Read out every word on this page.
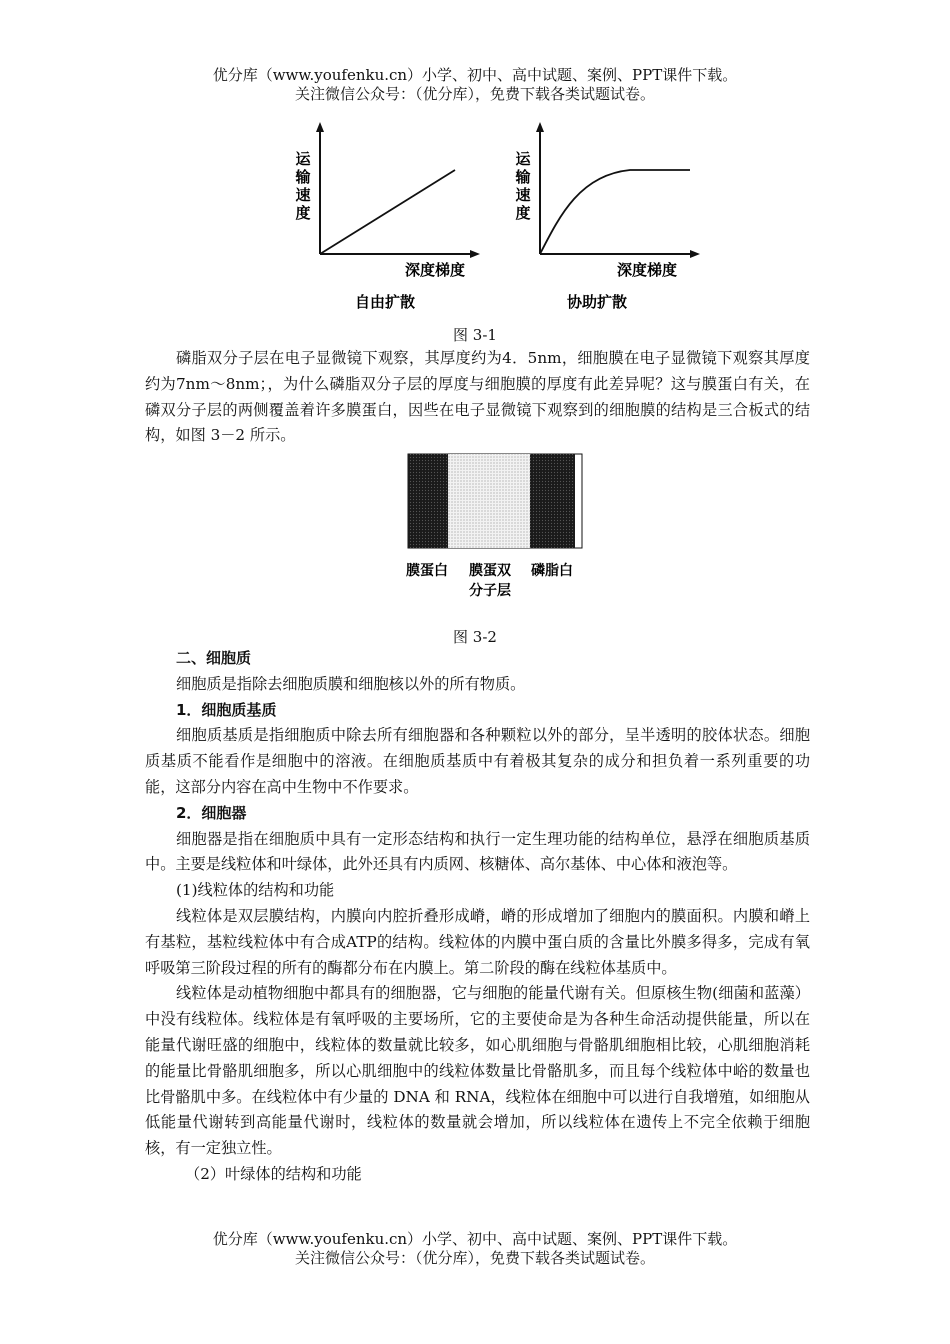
优分库（www.youfenku.cn）小学、初中、高中试题、案例、PPT课件下载。
关注微信公众号：（优分库），免费下载各类试题试卷。
运
输
速
度
深度梯度
自由扩散
运
输
速
度
深度梯度
协助扩散
图 3-1

磷脂双分子层在电子显微镜下观察，其厚度约为4．5nm，细胞膜在电子显微镜下观察其厚度约为7nm～8nm；，为什么磷脂双分子层的厚度与细胞膜的厚度有此差异呢？这与膜蛋白有关，在磷双分子层的两侧覆盖着许多膜蛋白，因些在电子显微镜下观察到的细胞膜的结构是三合板式的结构，如图 3－2 所示。

膜蛋白 膜蛋双
分子层
磷脂白
图 3-2

二、细胞质

细胞质是指除去细胞质膜和细胞核以外的所有物质。

1．细胞质基质

细胞质基质是指细胞质中除去所有细胞器和各种颗粒以外的部分，呈半透明的胶体状态。细胞质基质不能看作是细胞中的溶液。在细胞质基质中有着极其复杂的成分和担负着一系列重要的功能，这部分内容在高中生物中不作要求。

2．细胞器

细胞器是指在细胞质中具有一定形态结构和执行一定生理功能的结构单位，悬浮在细胞质基质中。主要是线粒体和叶绿体，此外还具有内质网、核糖体、高尔基体、中心体和液泡等。

(1)线粒体的结构和功能

线粒体是双层膜结构，内膜向内腔折叠形成嵴，嵴的形成增加了细胞内的膜面积。内膜和嵴上有基粒，基粒线粒体中有合成ATP的结构。线粒体的内膜中蛋白质的含量比外膜多得多，完成有氧呼吸第三阶段过程的所有的酶都分布在内膜上。第二阶段的酶在线粒体基质中。

线粒体是动植物细胞中都具有的细胞器，它与细胞的能量代谢有关。但原核生物(细菌和蓝藻）中没有线粒体。线粒体是有氧呼吸的主要场所，它的主要使命是为各种生命活动提供能量，所以在能量代谢旺盛的细胞中，线粒体的数量就比较多，如心肌细胞与骨骼肌细胞相比较，心肌细胞消耗的能量比骨骼肌细胞多，所以心肌细胞中的线粒体数量比骨骼肌多，而且每个线粒体中峪的数量也比骨骼肌中多。在线粒体中有少量的 DNA 和 RNA，线粒体在细胞中可以进行自我增殖，如细胞从低能量代谢转到高能量代谢时，线粒体的数量就会增加，所以线粒体在遗传上不完全依赖于细胞核，有一定独立性。

（2）叶绿体的结构和功能

优分库（www.youfenku.cn）小学、初中、高中试题、案例、PPT课件下载。
关注微信公众号：（优分库），免费下载各类试题试卷。
